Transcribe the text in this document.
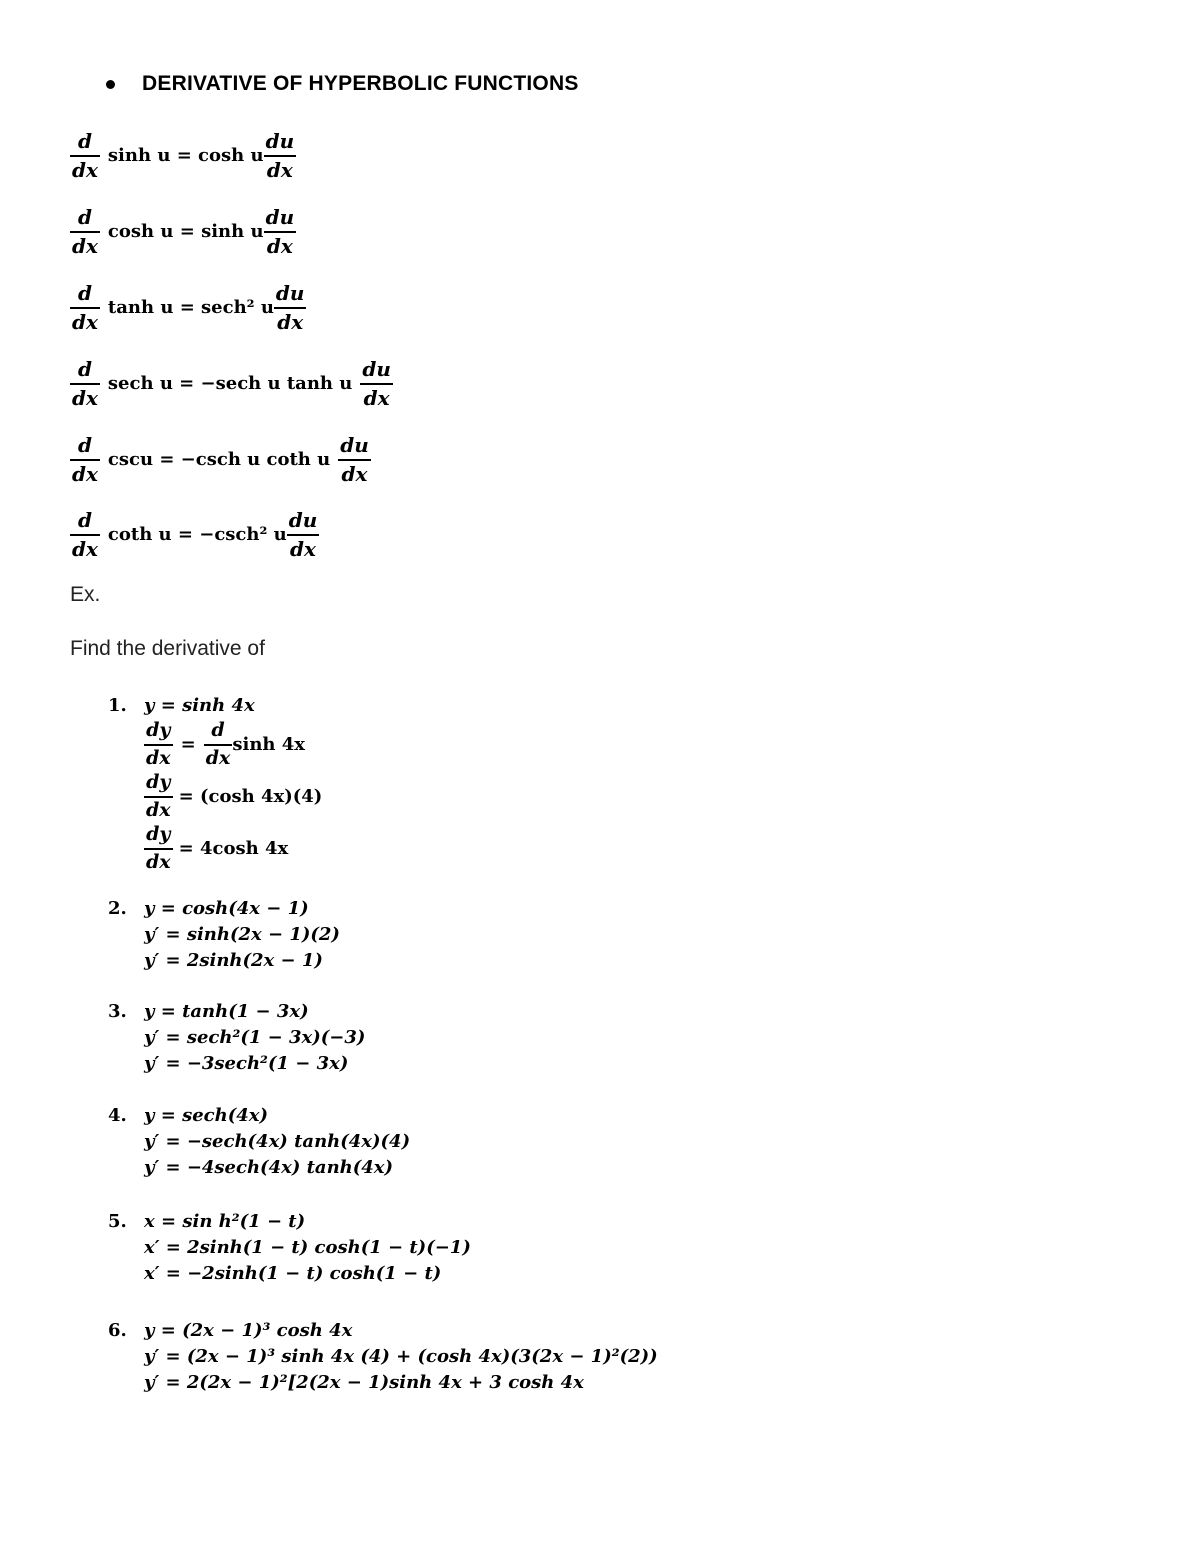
DERIVATIVE OF HYPERBOLIC FUNCTIONS
$\frac{d}{dx}$ sinh u = cosh u $\frac{du}{dx}$
$\frac{d}{dx}$ cosh u = sinh u $\frac{du}{dx}$
$\frac{d}{dx}$ tanh u = sech² u $\frac{du}{dx}$
$\frac{d}{dx}$ sech u = −sech u tanh u $\frac{du}{dx}$
$\frac{d}{dx}$ cscu = −csch u coth u $\frac{du}{dx}$
$\frac{d}{dx}$ coth u = −csch² u $\frac{du}{dx}$
Ex.
Find the derivative of
1. y = sinh 4x
$\frac{dy}{dx} = \frac{d}{dx}$ sinh 4x
$\frac{dy}{dx} = (\cosh$ 4x)(4)
$\frac{dy}{dx} = 4\cosh$ 4x
2. y = cosh(4x − 1)
y′ = sinh(2x − 1)(2)
y′ = 2sinh(2x − 1)
3. y = tanh(1 − 3x)
y′ = sech²(1 − 3x)(−3)
y′ = −3sech²(1 − 3x)
4. y = sech(4x)
y′ = −sech(4x) tanh(4x)(4)
y′ = −4sech(4x) tanh(4x)
5. x = sin h²(1 − t)
x′ = 2sinh(1 − t) cosh(1 − t)(−1)
x′ = −2sinh(1 − t) cosh(1 − t)
6. y = (2x − 1)³ cosh 4x
y′ = (2x − 1)³ sinh 4x (4) + (cosh 4x)(3(2x − 1)²(2))
y′ = 2(2x − 1)²[2(2x − 1)sinh 4x + 3 cosh 4x
